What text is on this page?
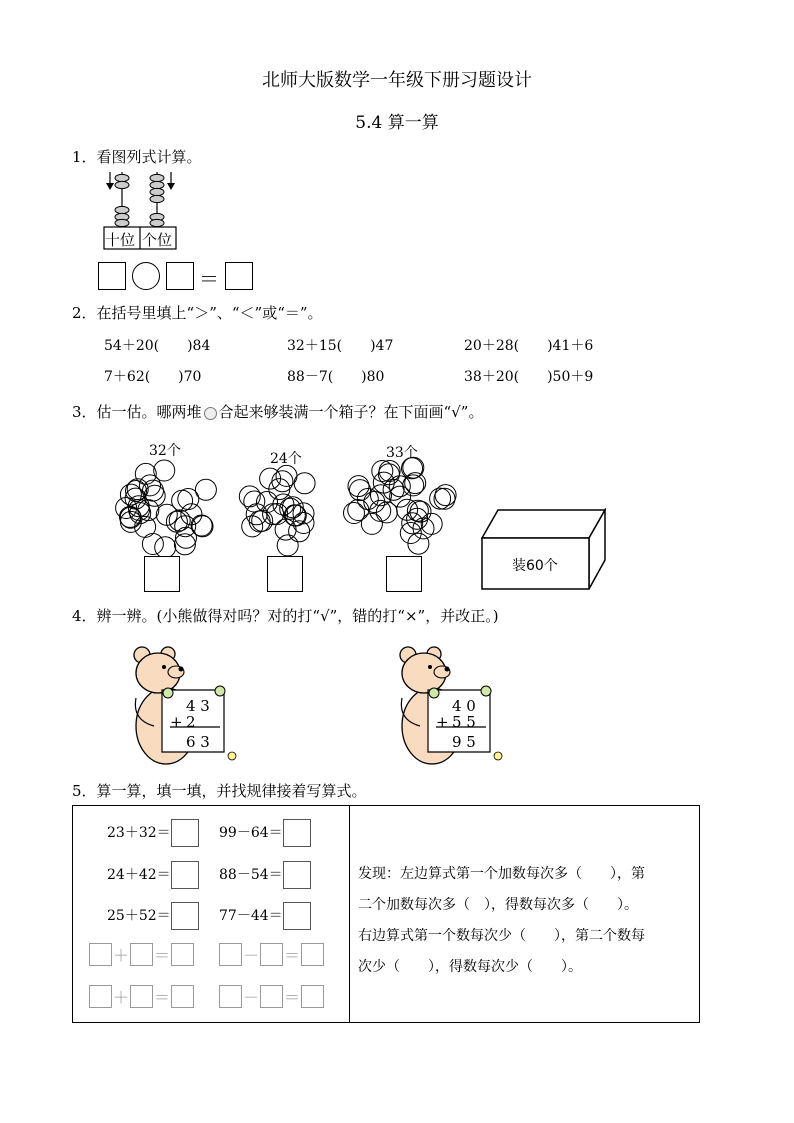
北师大版数学一年级下册习题设计
5.4 算一算
1．看图列式计算。
十位 个位
＝
2．在括号里填上“＞”、“＜”或“＝”。
54＋20(　　)84	32＋15(　　)47	20＋28(　　)41＋6
7＋62(　　)70	88－7(　　)80	38＋20(　　)50＋9
3．估一估。哪两堆 合起来够装满一个箱子？在下面画“√”。
32个	24个	33个
装60个
4．辨一辨。(小熊做得对吗？对的打“√”，错的打“×”，并改正。)
4 3
+ 2
6 3
4 0
+ 5 5
9 5
5．算一算，填一填，并找规律接着写算式。
23＋32＝	99－64＝
24＋42＝	88－54＝
25＋52＝	77－44＝
＋ ＝	－ ＝
＋ ＝	－ ＝
发现：左边算式第一个加数每次多（　　），第
二个加数每次多（　），得数每次多（　　）。
右边算式第一个数每次少（　　），第二个数每
次少（　　），得数每次少（　　）。
